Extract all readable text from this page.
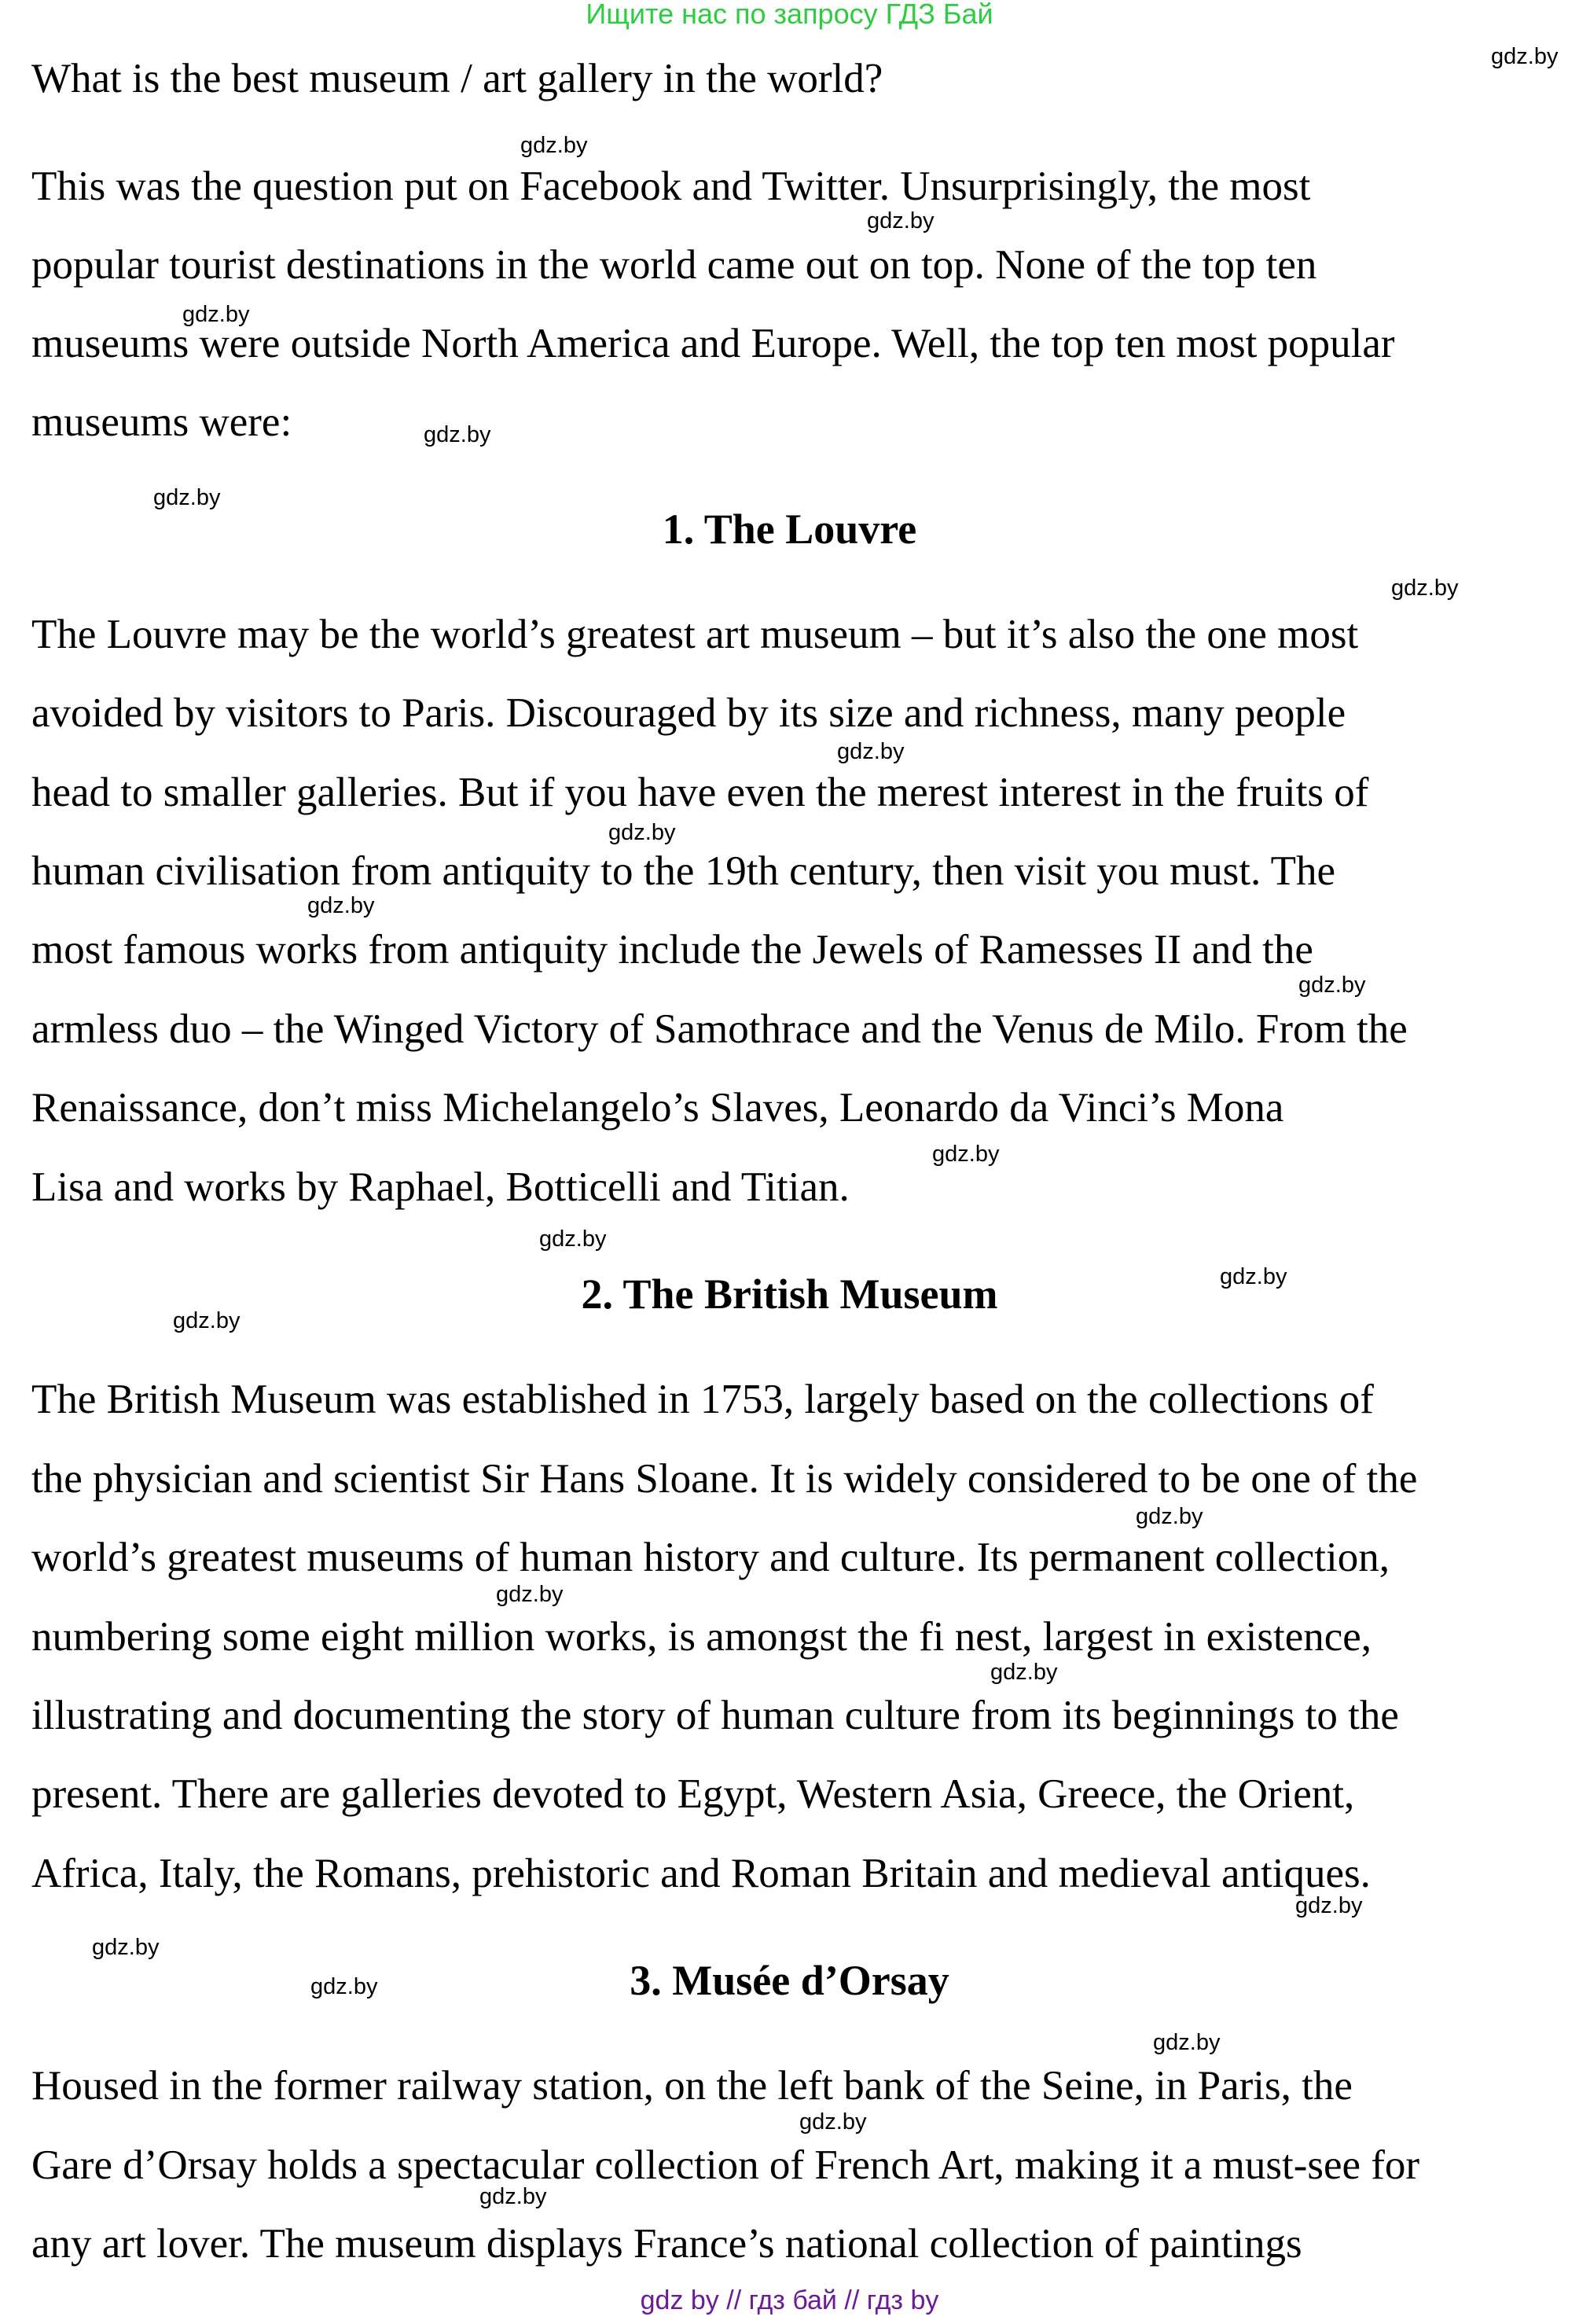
Ищите нас по запросу ГДЗ Бай
What is the best museum / art gallery in the world?
This was the question put on Facebook and Twitter. Unsurprisingly, the most
popular tourist destinations in the world came out on top. None of the top ten
museums were outside North America and Europe. Well, the top ten most popular
museums were:
1. The Louvre
The Louvre may be the world’s greatest art museum – but it’s also the one most
avoided by visitors to Paris. Discouraged by its size and richness, many people
head to smaller galleries. But if you have even the merest interest in the fruits of
human civilisation from antiquity to the 19th century, then visit you must. The
most famous works from antiquity include the Jewels of Ramesses II and the
armless duo – the Winged Victory of Samothrace and the Venus de Milo. From the
Renaissance, don’t miss Michelangelo’s Slaves, Leonardo da Vinci’s Mona
Lisa and works by Raphael, Botticelli and Titian.
2. The British Museum
The British Museum was established in 1753, largely based on the collections of
the physician and scientist Sir Hans Sloane. It is widely considered to be one of the
world’s greatest museums of human history and culture. Its permanent collection,
numbering some eight million works, is amongst the fi nest, largest in existence,
illustrating and documenting the story of human culture from its beginnings to the
present. There are galleries devoted to Egypt, Western Asia, Greece, the Orient,
Africa, Italy, the Romans, prehistoric and Roman Britain and medieval antiques.
3. Musée d’Orsay
Housed in the former railway station, on the left bank of the Seine, in Paris, the
Gare d’Orsay holds a spectacular collection of French Art, making it a must-see for
any art lover. The museum displays France’s national collection of paintings
gdz.by
gdz.by
gdz.by
gdz.by
gdz.by
gdz.by
gdz.by
gdz.by
gdz.by
gdz.by
gdz.by
gdz.by
gdz.by
gdz.by
gdz.by
gdz.by
gdz.by
gdz.by
gdz.by
gdz.by
gdz.by
gdz.by
gdz.by
gdz.by
gdz by // гдз бай // гдз by
